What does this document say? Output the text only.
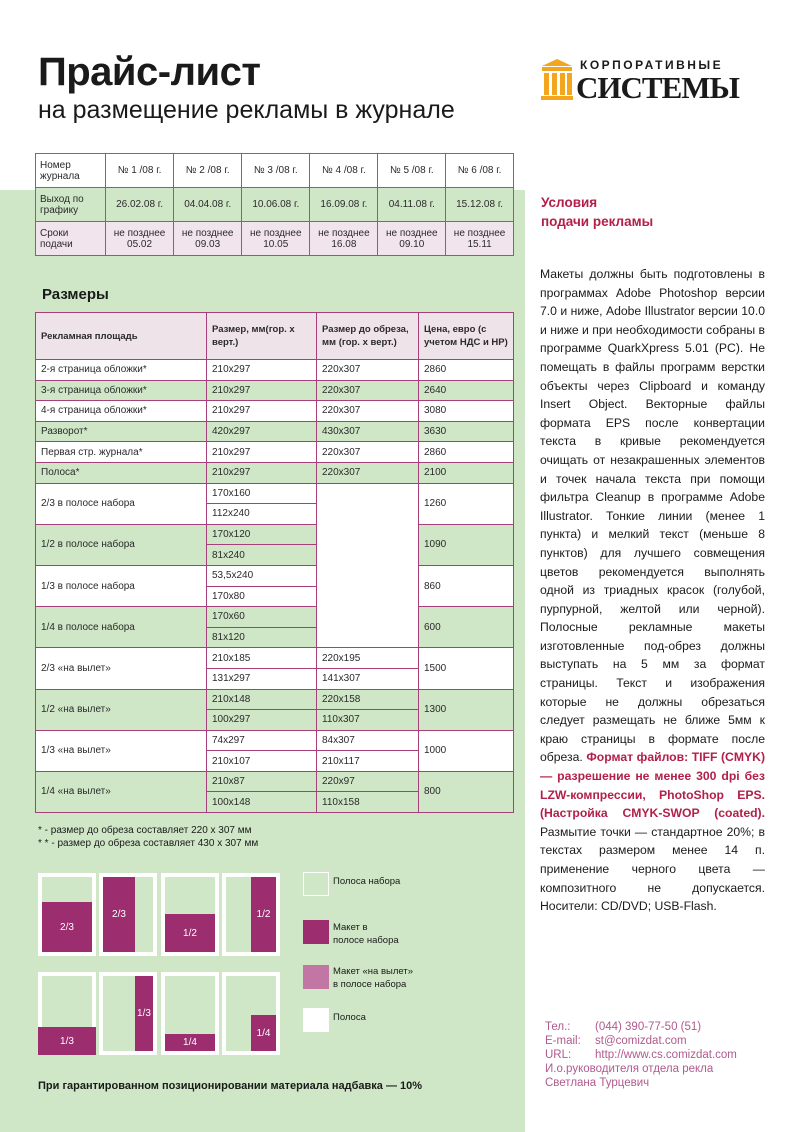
Прайс-лист
на размещение рекламы в журнале
КОРПОРАТИВНЫЕ
СИСТЕМЫ
Номер журнала	№ 1 /08 г.	№ 2 /08 г.	№ 3 /08 г.	№ 4 /08 г.	№ 5 /08 г.	№ 6 /08 г.
Выход по графику	26.02.08 г.	04.04.08 г.	10.06.08 г.	16.09.08 г.	04.11.08 г.	15.12.08 г.
Сроки подачи	не позднее 05.02	не позднее 09.03	не позднее 10.05	не позднее 16.08	не позднее 09.10	не позднее 15.11
Размеры
Рекламная площадь	Размер, мм(гор. х верт.)	Размер до обреза, мм (гор. х верт.)	Цена, евро (с учетом НДС и НР)
2-я страница обложки*	210x297	220x307	2860
3-я страница обложки*	210x297	220x307	2640
4-я страница обложки*	210x297	220x307	3080
Разворот*	420x297	430x307	3630
Первая стр. журнала*	210x297	220x307	2860
Полоса*	210x297	220x307	2100
2/3 в полосе набора	170x160		1260
	112x240		
1/2 в полосе набора	170x120		1090
	81x240		
1/3 в полосе набора	53,5x240		860
	170x80		
1/4 в полосе набора	170x60		600
	81x120		
2/3 «на вылет»	210x185	220x195	1500
	131x297	141x307	
1/2 «на вылет»	210x148	220x158	1300
	100x297	110x307	
1/3 «на вылет»	74x297	84x307	1000
	210x107	210x117	
1/4 «на вылет»	210x87	220x97	800
	100x148	110x158	
* - размер до обреза составляет 220 х 307 мм
* * - размер до обреза составляет 430 х 307 мм
2/3
2/3
1/2
1/2
1/3
1/3
1/4
1/4
Полоса набора
Макет в
полосе набора
Макет «на вылет»
в полосе набора
Полоса
При гарантированном позиционировании материала надбавка — 10%
Условия
подачи рекламы
Макеты должны быть подготовлены в программах Adobe Photoshop версии 7.0 и ниже, Adobe Illustrator версии 10.0 и ниже и при необходимости собраны в программе QuarkXpress 5.01 (PC). Не помещать в файлы программ верстки объекты через Clipboard и команду Insert Object. Векторные файлы формата EPS после конвертации текста в кривые рекомендуется очищать от незакрашенных элементов и точек начала текста при помощи фильтра Cleanup в программе Adobe Illustrator. Тонкие линии (менее 1 пункта) и мелкий текст (меньше 8 пунктов) для лучшего совмещения цветов рекомендуется выполнять одной из триадных красок (голубой, пурпурной, желтой или черной). Полосные рекламные макеты изготовленные под-обрез должны выступать на 5 мм за формат страницы. Текст и изображения которые не должны обрезаться следует размещать не ближе 5мм к краю страницы в формате после обреза. Формат файлов: TIFF (CMYK) — разрешение не менее 300 dpi без LZW-компрессии, PhotoShop EPS. (Настройка CMYK-SWOP (coated). Размытие точки — стандартное 20%; в текстах размером менее 14 п. применение черного цвета — композитного не допускается. Носители: CD/DVD; USB-Flash.
Тел.: (044) 390-77-50 (51)
E-mail: st@comizdat.com
URL: http://www.cs.comizdat.com
И.о.руководителя отдела рекла
Светлана Турцевич
